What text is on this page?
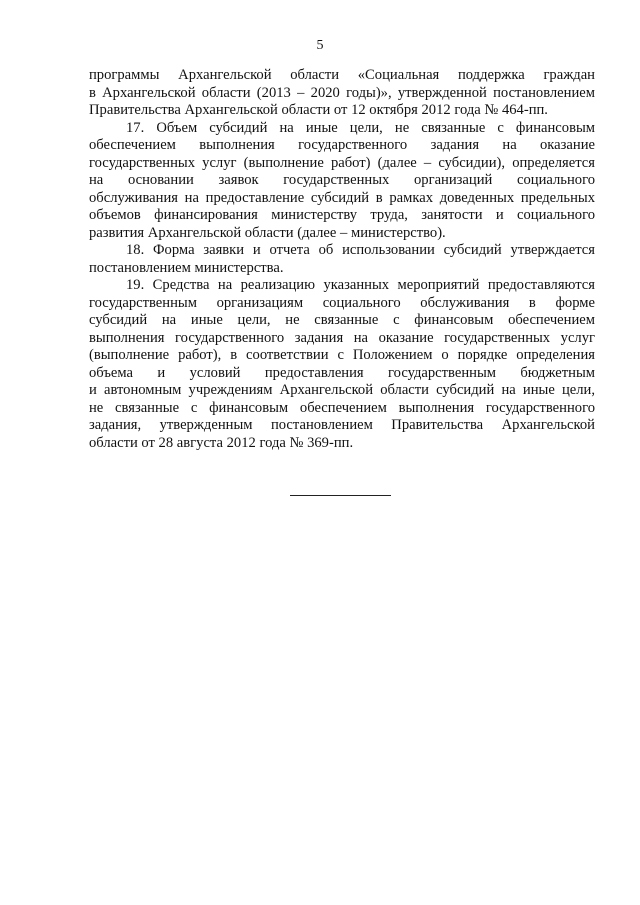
5
программы Архангельской области «Социальная поддержка граждан
в Архангельской области (2013 – 2020 годы)», утвержденной постановлением
Правительства Архангельской области от 12 октября 2012 года № 464-пп.
17. Объем субсидий на иные цели, не связанные с финансовым
обеспечением выполнения государственного задания на оказание
государственных услуг (выполнение работ) (далее – субсидии), определяется
на основании заявок государственных организаций социального
обслуживания на предоставление субсидий в рамках доведенных предельных
объемов финансирования министерству труда, занятости и социального
развития Архангельской области (далее – министерство).
18. Форма заявки и отчета об использовании субсидий утверждается
постановлением министерства.
19. Средства на реализацию указанных мероприятий предоставляются
государственным организациям социального обслуживания в форме
субсидий на иные цели, не связанные с финансовым обеспечением
выполнения государственного задания на оказание государственных услуг
(выполнение работ), в соответствии с Положением о порядке определения
объема и условий предоставления государственным бюджетным
и автономным учреждениям Архангельской области субсидий на иные цели,
не связанные с финансовым обеспечением выполнения государственного
задания, утвержденным постановлением Правительства Архангельской
области от 28 августа 2012 года № 369-пп.
